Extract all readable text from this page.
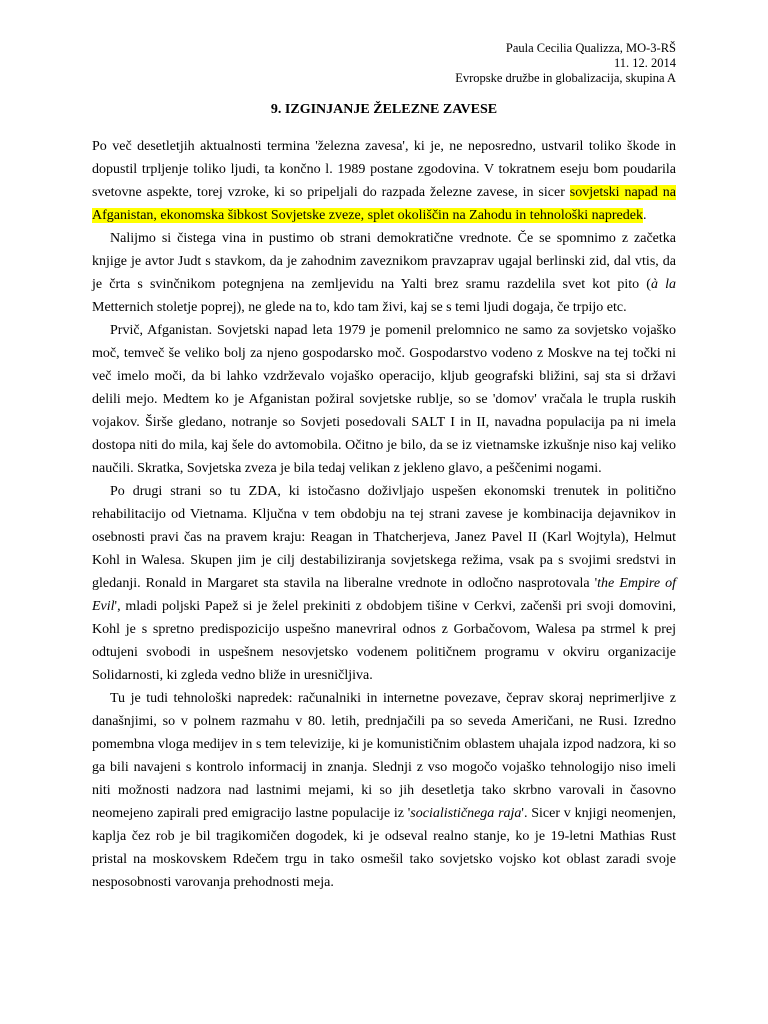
Paula Cecilia Qualizza, MO-3-RŠ
11. 12. 2014
Evropske družbe in globalizacija, skupina A
9. IZGINJANJE ŽELEZNE ZAVESE

Po več desetletjih aktualnosti termina 'železna zavesa', ki je, ne neposredno, ustvaril toliko škode in dopustil trpljenje toliko ljudi, ta končno l. 1989 postane zgodovina. V tokratnem eseju bom poudarila svetovne aspekte, torej vzroke, ki so pripeljali do razpada železne zavese, in sicer sovjetski napad na Afganistan, ekonomska šibkost Sovjetske zveze, splet okoliščin na Zahodu in tehnološki napredek.

Nalijmo si čistega vina in pustimo ob strani demokratične vrednote. Če se spomnimo z začetka knjige je avtor Judt s stavkom, da je zahodnim zaveznikom pravzaprav ugajal berlinski zid, dal vtis, da je črta s svinčnikom potegnjena na zemljevidu na Yalti brez sramu razdelila svet kot pito (à la Metternich stoletje poprej), ne glede na to, kdo tam živi, kaj se s temi ljudi dogaja, če trpijo etc.

Prvič, Afganistan. Sovjetski napad leta 1979 je pomenil prelomnico ne samo za sovjetsko vojaško moč, temveč še veliko bolj za njeno gospodarsko moč. Gospodarstvo vodeno z Moskve na tej točki ni več imelo moči, da bi lahko vzdrževalo vojaško operacijo, kljub geografski bližini, saj sta si državi delili mejo. Medtem ko je Afganistan požiral sovjetske rublje, so se 'domov' vračala le trupla ruskih vojakov. Širše gledano, notranje so Sovjeti posedovali SALT I in II, navadna populacija pa ni imela dostopa niti do mila, kaj šele do avtomobila. Očitno je bilo, da se iz vietnamske izkušnje niso kaj veliko naučili. Skratka, Sovjetska zveza je bila tedaj velikan z jekleno glavo, a peščenimi nogami.

Po drugi strani so tu ZDA, ki istočasno doživljajo uspešen ekonomski trenutek in politično rehabilitacijo od Vietnama. Ključna v tem obdobju na tej strani zavese je kombinacija dejavnikov in osebnosti pravi čas na pravem kraju: Reagan in Thatcherjeva, Janez Pavel II (Karl Wojtyla), Helmut Kohl in Walesa. Skupen jim je cilj destabiliziranja sovjetskega režima, vsak pa s svojimi sredstvi in gledanji. Ronald in Margaret sta stavila na liberalne vrednote in odločno nasprotovala 'the Empire of Evil', mladi poljski Papež si je želel prekiniti z obdobjem tišine v Cerkvi, začenši pri svoji domovini, Kohl je s spretno predispozicijo uspešno manevriral odnos z Gorbačovom, Walesa pa strmel k prej odtujeni svobodi in uspešnem nesovjetsko vodenem političnem programu v okviru organizacije Solidarnosti, ki zgleda vedno bliže in uresničljiva.

Tu je tudi tehnološki napredek: računalniki in internetne povezave, čeprav skoraj neprimerljive z današnjimi, so v polnem razmahu v 80. letih, prednjačili pa so seveda Američani, ne Rusi. Izredno pomembna vloga medijev in s tem televizije, ki je komunističnim oblastem uhajala izpod nadzora, ki so ga bili navajeni s kontrolo informacij in znanja. Slednji z vso mogočo vojaško tehnologijo niso imeli niti možnosti nadzora nad lastnimi mejami, ki so jih desetletja tako skrbno varovali in časovno neomejeno zapirali pred emigracijo lastne populacije iz 'socialističnega raja'. Sicer v knjigi neomenjen, kaplja čez rob je bil tragikomičen dogodek, ki je odseval realno stanje, ko je 19-letni Mathias Rust pristal na moskovskem Rdečem trgu in tako osmešil tako sovjetsko vojsko kot oblast zaradi svoje nesposobnosti varovanja prehodnosti meja.
